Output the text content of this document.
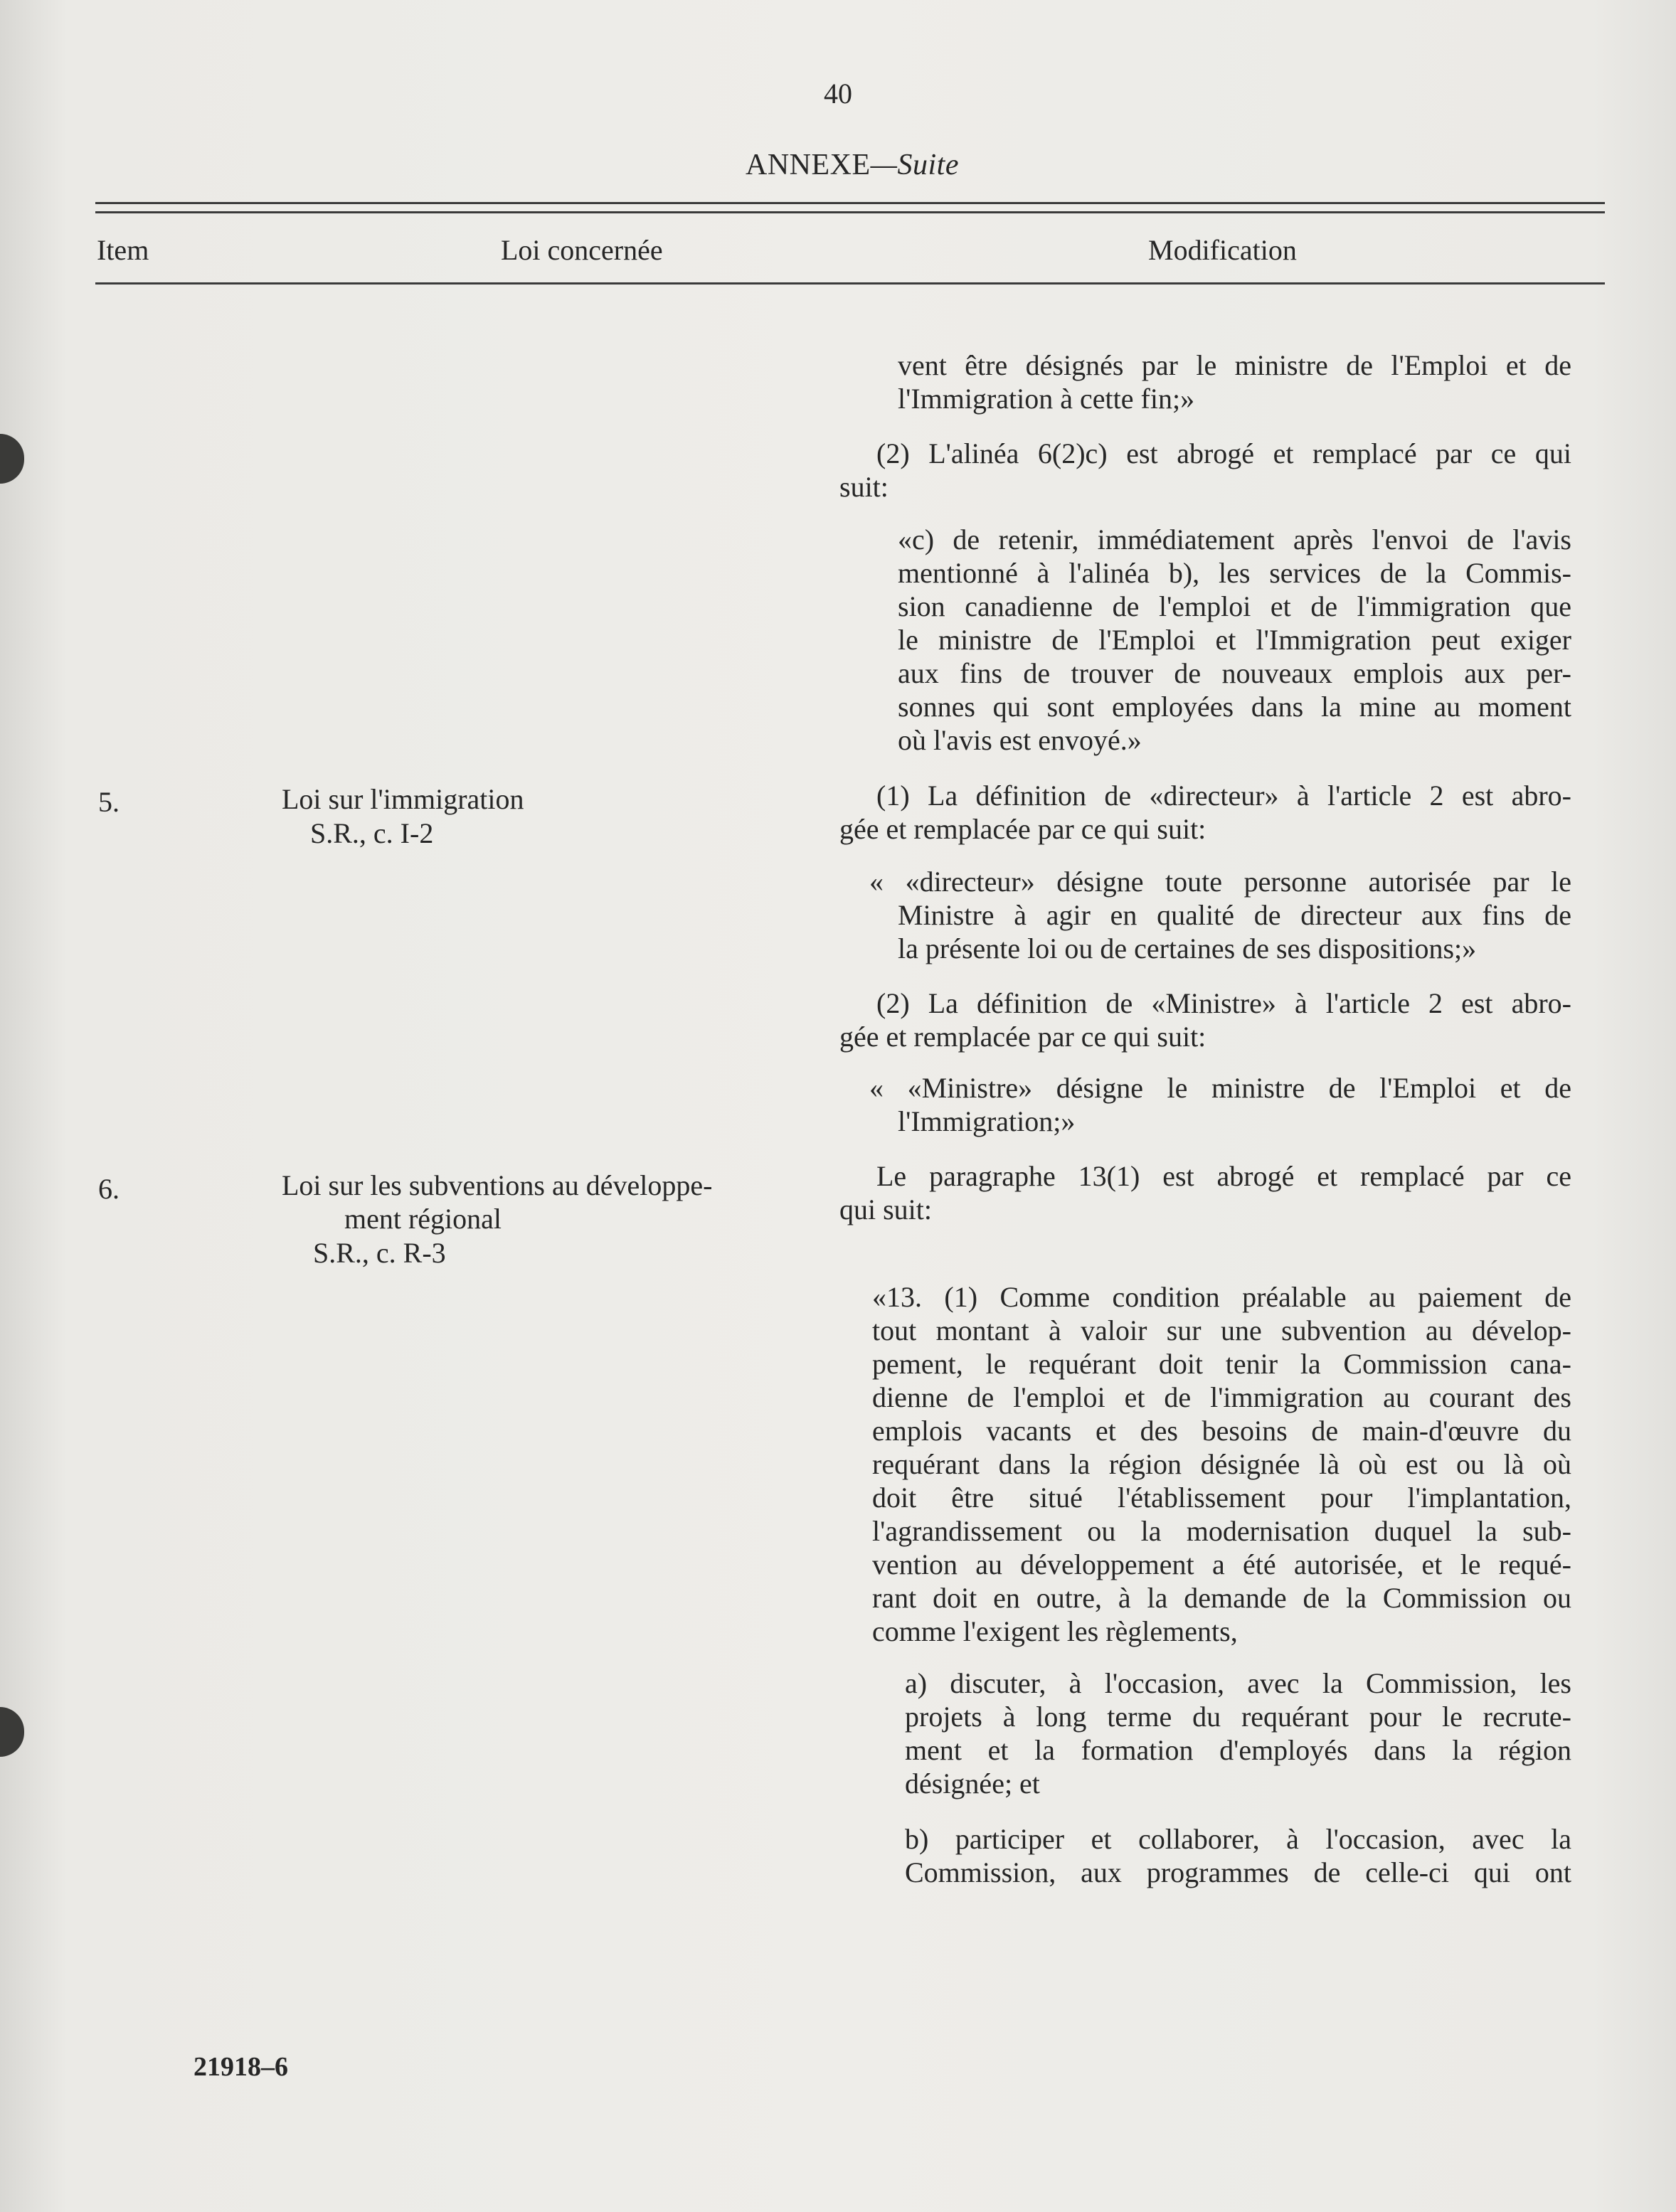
40
ANNEXE—Suite
Item	Loi concernée	Modification
vent être désignés par le ministre de l'Emploi et de
l'Immigration à cette fin;»
(2) L'alinéa 6(2)c) est abrogé et remplacé par ce qui
suit:
«c) de retenir, immédiatement après l'envoi de l'avis
mentionné à l'alinéa b), les services de la Commis-
sion canadienne de l'emploi et de l'immigration que
le ministre de l'Emploi et l'Immigration peut exiger
aux fins de trouver de nouveaux emplois aux per-
sonnes qui sont employées dans la mine au moment
où l'avis est envoyé.»
5.	Loi sur l'immigration
S.R., c. I-2
(1) La définition de «directeur» à l'article 2 est abro-
gée et remplacée par ce qui suit:
« «directeur» désigne toute personne autorisée par le
Ministre à agir en qualité de directeur aux fins de
la présente loi ou de certaines de ses dispositions;»
(2) La définition de «Ministre» à l'article 2 est abro-
gée et remplacée par ce qui suit:
« «Ministre» désigne le ministre de l'Emploi et de
l'Immigration;»
6.	Loi sur les subventions au développe-
ment régional
S.R., c. R-3
Le paragraphe 13(1) est abrogé et remplacé par ce
qui suit:
«13. (1) Comme condition préalable au paiement de
tout montant à valoir sur une subvention au dévelop-
pement, le requérant doit tenir la Commission cana-
dienne de l'emploi et de l'immigration au courant des
emplois vacants et des besoins de main-d'œuvre du
requérant dans la région désignée là où est ou là où
doit être situé l'établissement pour l'implantation,
l'agrandissement ou la modernisation duquel la sub-
vention au développement a été autorisée, et le requé-
rant doit en outre, à la demande de la Commission ou
comme l'exigent les règlements,
a) discuter, à l'occasion, avec la Commission, les
projets à long terme du requérant pour le recrute-
ment et la formation d'employés dans la région
désignée; et
b) participer et collaborer, à l'occasion, avec la
Commission, aux programmes de celle-ci qui ont
21918–6
